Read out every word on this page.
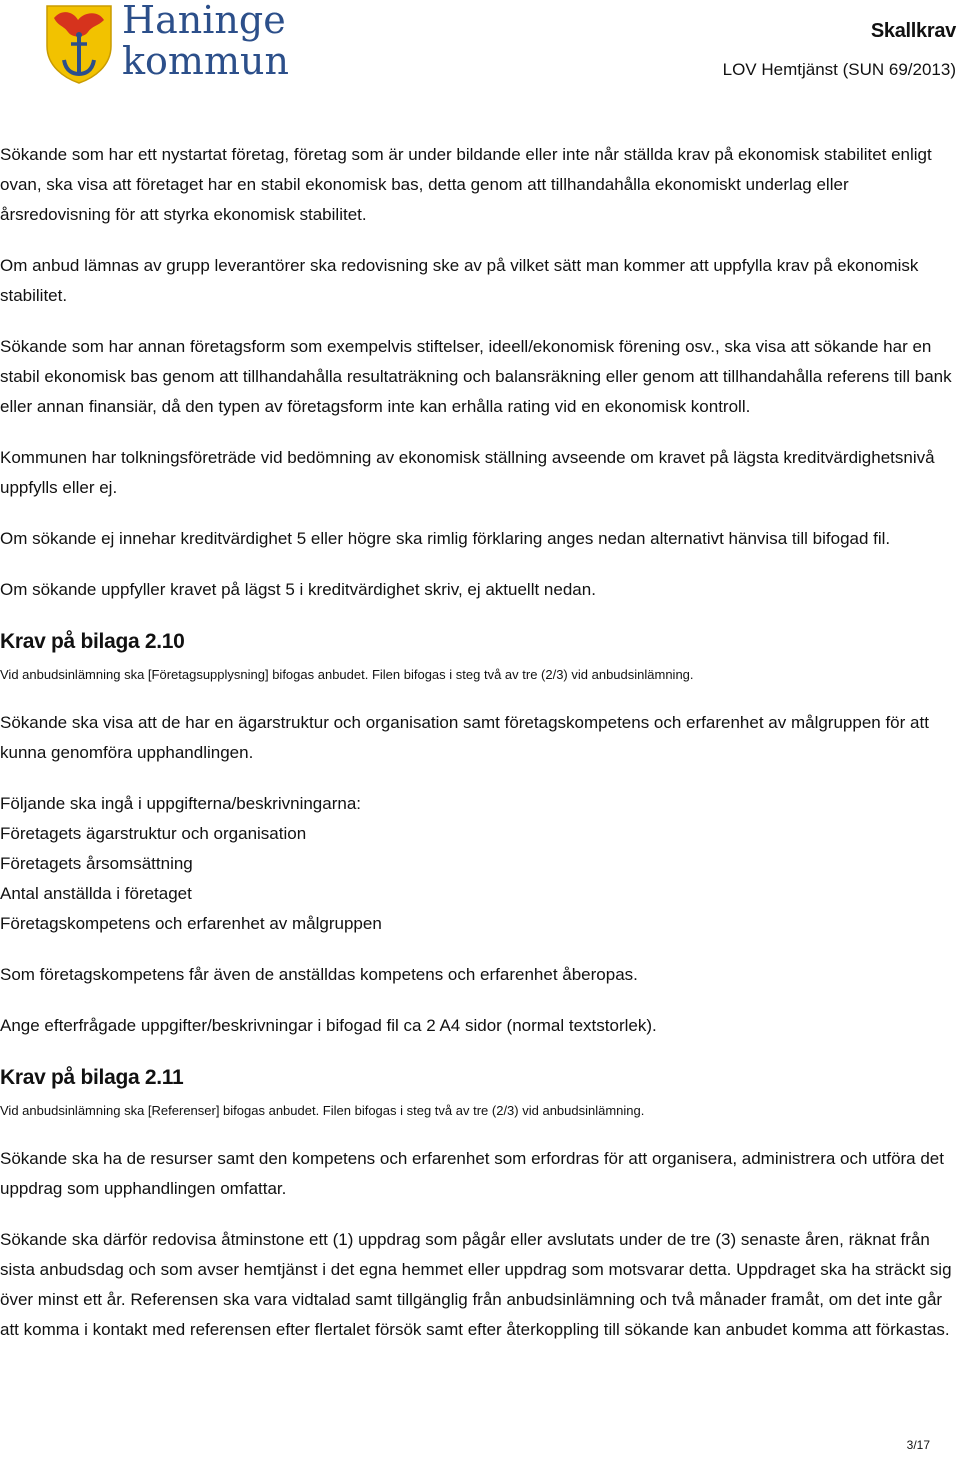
Haninge
kommun
Skallkrav
LOV Hemtjänst (SUN 69/2013)

Sökande som har ett nystartat företag, företag som är under bildande eller inte når ställda krav på ekonomisk stabilitet enligt ovan, ska visa att företaget har en stabil ekonomisk bas, detta genom att tillhandahålla ekonomiskt underlag eller årsredovisning för att styrka ekonomisk stabilitet.

Om anbud lämnas av grupp leverantörer ska redovisning ske av på vilket sätt man kommer att uppfylla krav på ekonomisk stabilitet.

Sökande som har annan företagsform som exempelvis stiftelser, ideell/ekonomisk förening osv., ska visa att sökande har en stabil ekonomisk bas genom att tillhandahålla resultaträkning och balansräkning eller genom att tillhandahålla referens till bank eller annan finansiär, då den typen av företagsform inte kan erhålla rating vid en ekonomisk kontroll.

Kommunen har tolkningsföreträde vid bedömning av ekonomisk ställning avseende om kravet på lägsta kreditvärdighetsnivå uppfylls eller ej.

Om sökande ej innehar kreditvärdighet 5 eller högre ska rimlig förklaring anges nedan alternativt hänvisa till bifogad fil.

Om sökande uppfyller kravet på lägst 5 i kreditvärdighet skriv, ej aktuellt nedan.

Krav på bilaga 2.10

Vid anbudsinlämning ska [Företagsupplysning] bifogas anbudet. Filen bifogas i steg två av tre (2/3) vid anbudsinlämning.

Sökande ska visa att de har en ägarstruktur och organisation samt företagskompetens och erfarenhet av målgruppen för att kunna genomföra upphandlingen.

Följande ska ingå i uppgifterna/beskrivningarna:
Företagets ägarstruktur och organisation
Företagets årsomsättning
Antal anställda i företaget
Företagskompetens och erfarenhet av målgruppen

Som företagskompetens får även de anställdas kompetens och erfarenhet åberopas.

Ange efterfrågade uppgifter/beskrivningar i bifogad fil ca 2 A4 sidor (normal textstorlek).

Krav på bilaga 2.11

Vid anbudsinlämning ska [Referenser] bifogas anbudet. Filen bifogas i steg två av tre (2/3) vid anbudsinlämning.

Sökande ska ha de resurser samt den kompetens och erfarenhet som erfordras för att organisera, administrera och utföra det uppdrag som upphandlingen omfattar.

Sökande ska därför redovisa åtminstone ett (1) uppdrag som pågår eller avslutats under de tre (3) senaste åren, räknat från sista anbudsdag och som avser hemtjänst i det egna hemmet eller uppdrag som motsvarar detta. Uppdraget ska ha sträckt sig över minst ett år. Referensen ska vara vidtalad samt tillgänglig från anbudsinlämning och två månader framåt, om det inte går att komma i kontakt med referensen efter flertalet försök samt efter återkoppling till sökande kan anbudet komma att förkastas.

3/17
